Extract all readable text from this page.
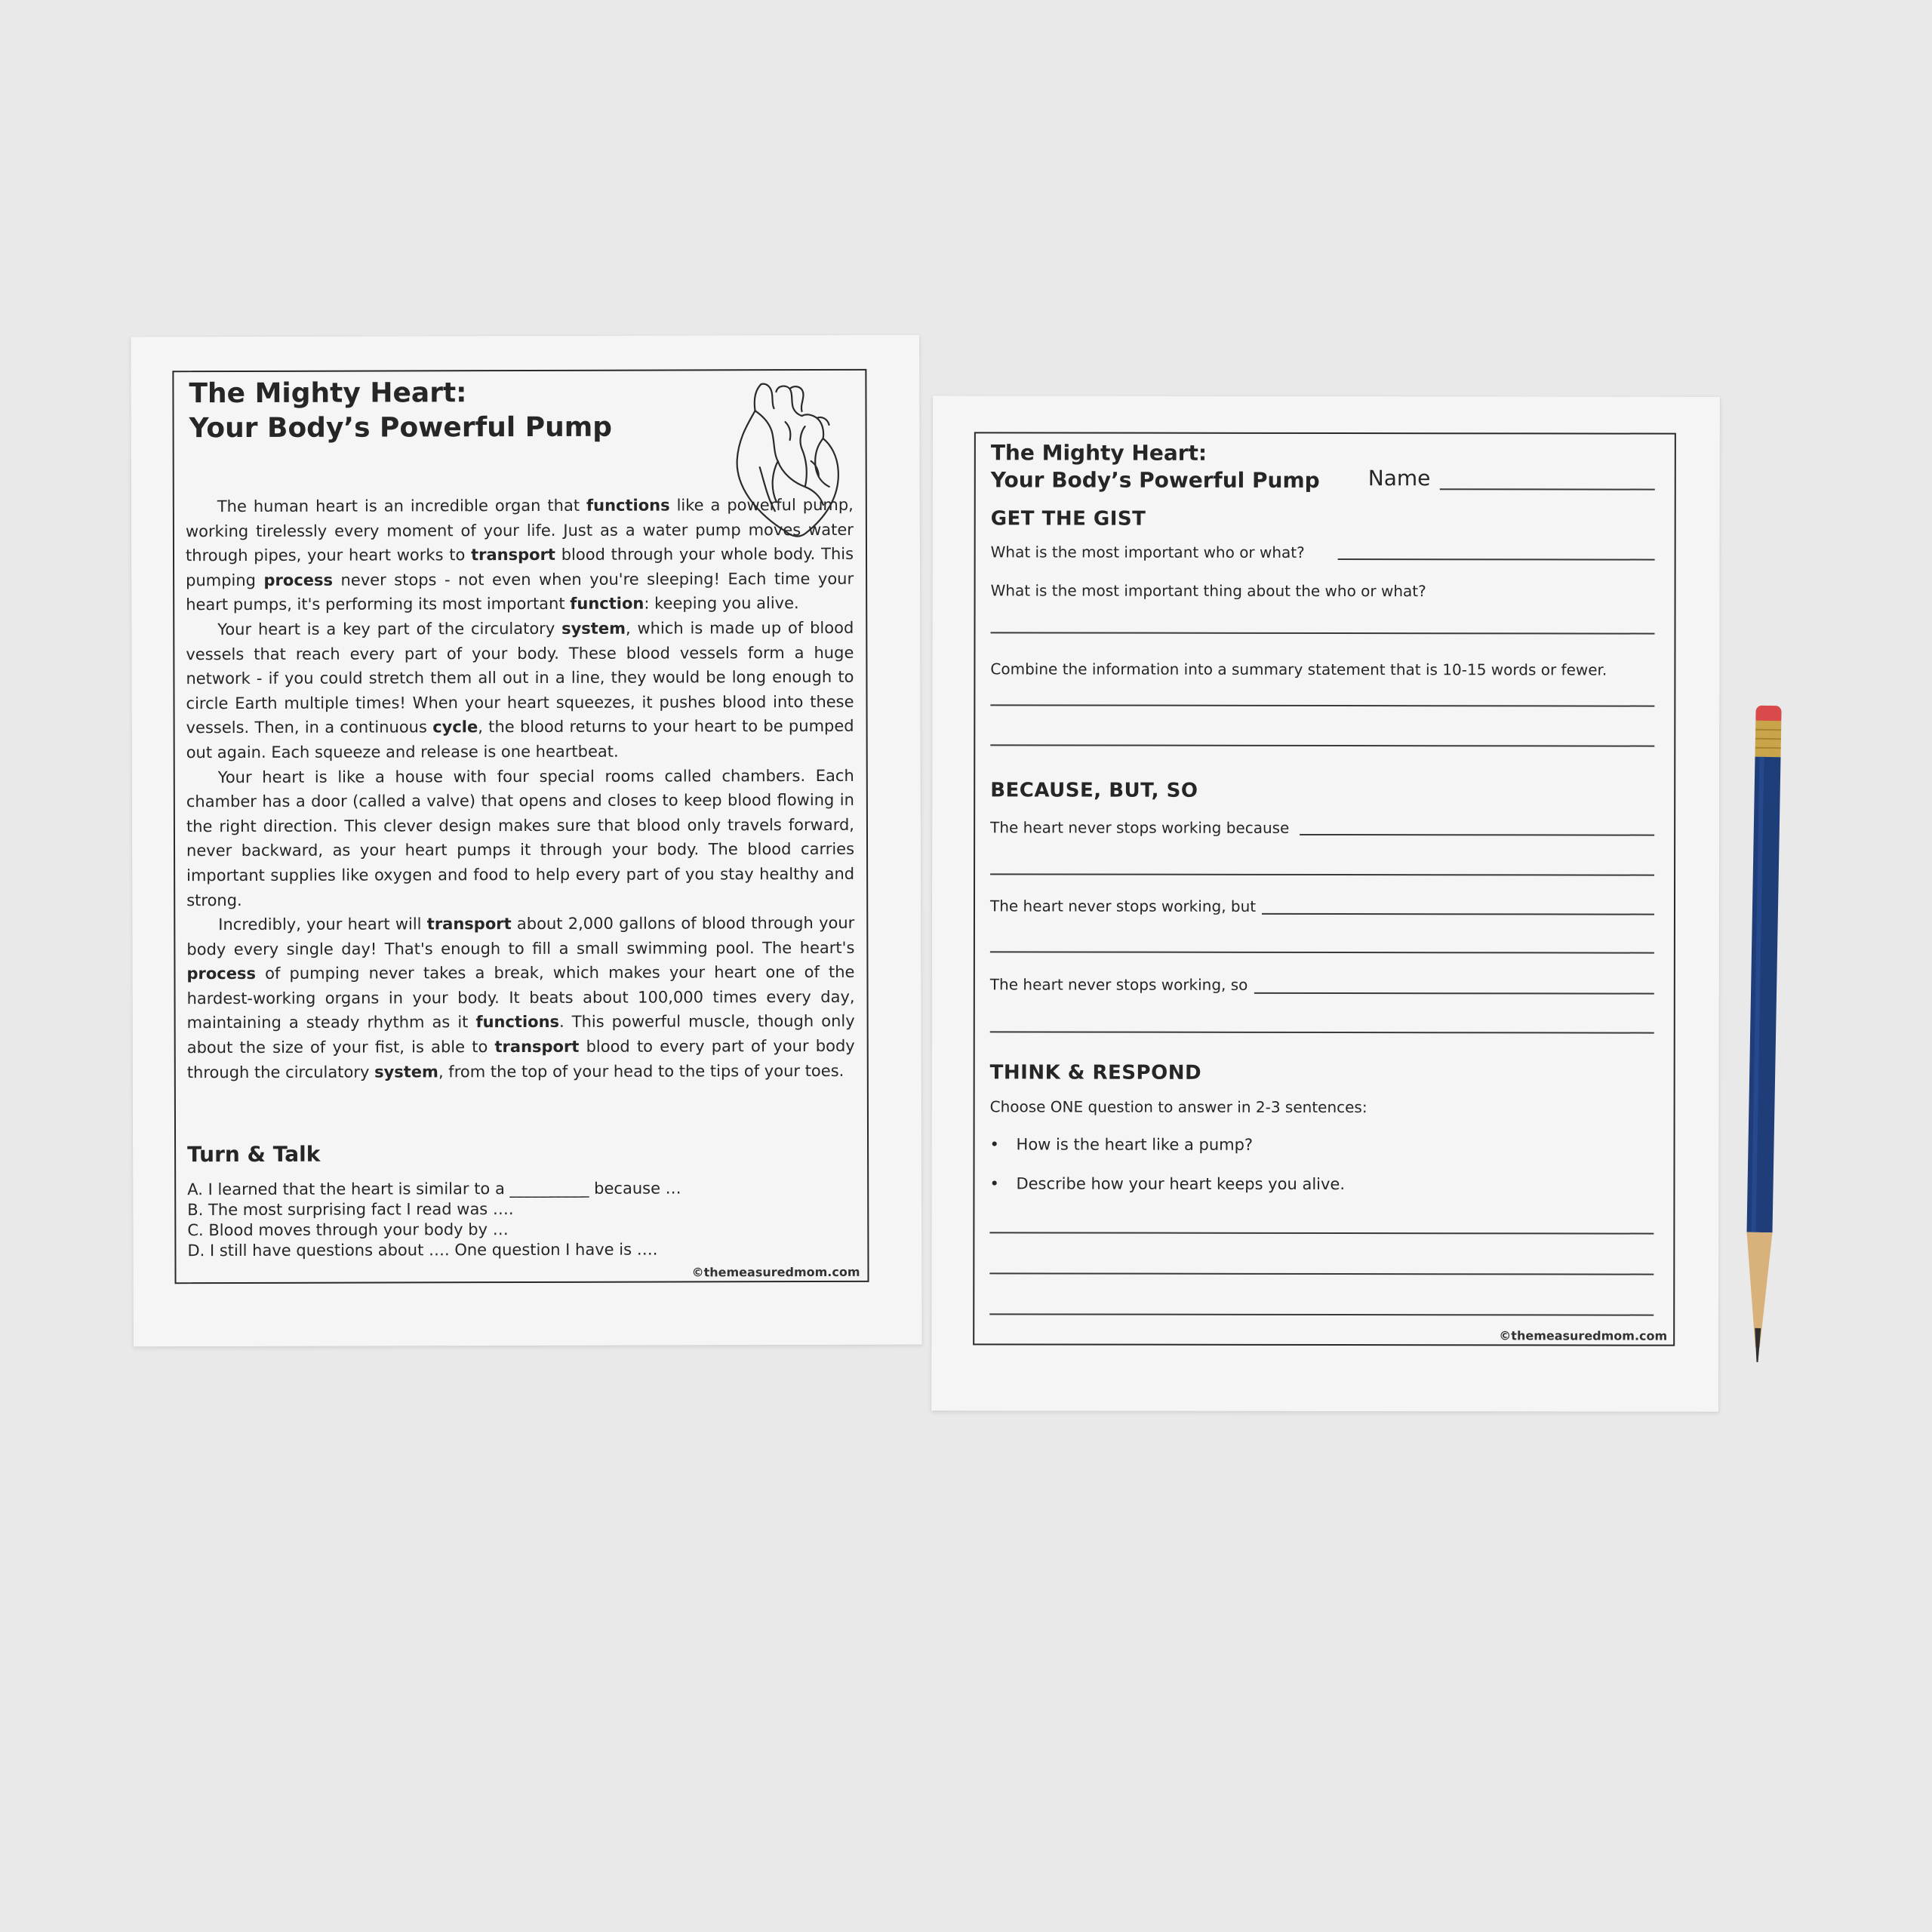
The Mighty Heart:
Your Body’s Powerful Pump

The human heart is an incredible organ that functions like a powerful pump, working tirelessly every moment of your life. Just as a water pump moves water through pipes, your heart works to transport blood through your whole body. This pumping process never stops - not even when you're sleeping! Each time your heart pumps, it's performing its most important function: keeping you alive.

Your heart is a key part of the circulatory system, which is made up of blood vessels that reach every part of your body. These blood vessels form a huge network - if you could stretch them all out in a line, they would be long enough to circle Earth multiple times! When your heart squeezes, it pushes blood into these vessels. Then, in a continuous cycle, the blood returns to your heart to be pumped out again. Each squeeze and release is one heartbeat.

Your heart is like a house with four special rooms called chambers. Each chamber has a door (called a valve) that opens and closes to keep blood flowing in the right direction. This clever design makes sure that blood only travels forward, never backward, as your heart pumps it through your body. The blood carries important supplies like oxygen and food to help every part of you stay healthy and strong.

Incredibly, your heart will transport about 2,000 gallons of blood through your body every single day! That's enough to fill a small swimming pool. The heart's process of pumping never takes a break, which makes your heart one of the hardest-working organs in your body. It beats about 100,000 times every day, maintaining a steady rhythm as it functions. This powerful muscle, though only about the size of your fist, is able to transport blood to every part of your body through the circulatory system, from the top of your head to the tips of your toes.

Turn & Talk
A. I learned that the heart is similar to a __________ because …
B. The most surprising fact I read was ….
C. Blood moves through your body by …
D. I still have questions about …. One question I have is ….
©themeasuredmom.com
The Mighty Heart:
Your Body’s Powerful Pump Name
GET THE GIST
What is the most important who or what?
What is the most important thing about the who or what?
Combine the information into a summary statement that is 10-15 words or fewer.
BECAUSE, BUT, SO
The heart never stops working because
The heart never stops working, but
The heart never stops working, so
THINK & RESPOND
Choose ONE question to answer in 2-3 sentences:
• How is the heart like a pump?
• Describe how your heart keeps you alive.
©themeasuredmom.com
